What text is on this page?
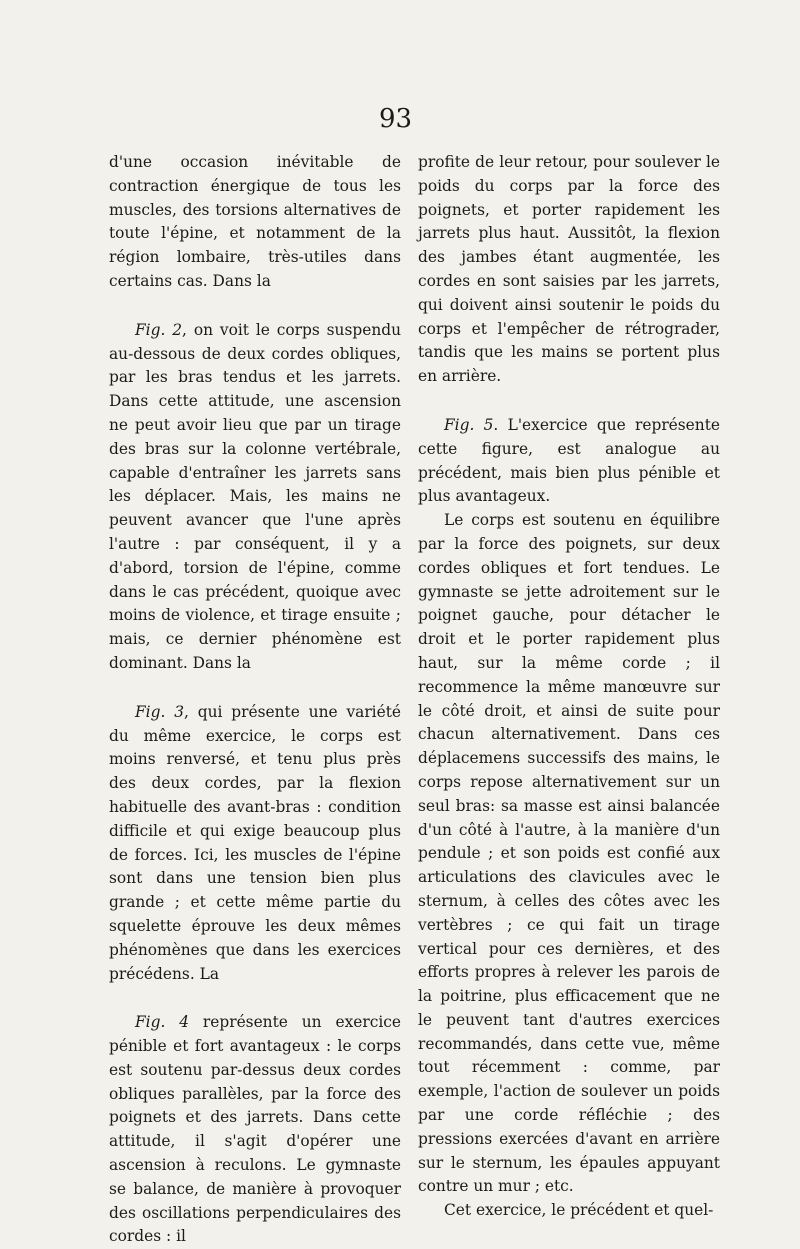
93

d'une occasion inévitable de contraction énergique de tous les muscles, des torsions alternatives de toute l'épine, et notamment de la région lombaire, très-utiles dans certains cas. Dans la

Fig. 2, on voit le corps suspendu au-dessous de deux cordes obliques, par les bras tendus et les jarrets. Dans cette attitude, une ascension ne peut avoir lieu que par un tirage des bras sur la colonne vertébrale, capable d'entraîner les jarrets sans les déplacer. Mais, les mains ne peuvent avancer que l'une après l'autre : par conséquent, il y a d'abord, torsion de l'épine, comme dans le cas précédent, quoique avec moins de violence, et tirage ensuite ; mais, ce dernier phénomène est dominant. Dans la

Fig. 3, qui présente une variété du même exercice, le corps est moins renversé, et tenu plus près des deux cordes, par la flexion habituelle des avant-bras : condition difficile et qui exige beaucoup plus de forces. Ici, les muscles de l'épine sont dans une tension bien plus grande ; et cette même partie du squelette éprouve les deux mêmes phénomènes que dans les exercices précédens. La

Fig. 4 représente un exercice pénible et fort avantageux : le corps est soutenu par-dessus deux cordes obliques parallèles, par la force des poignets et des jarrets. Dans cette attitude, il s'agit d'opérer une ascension à reculons. Le gymnaste se balance, de manière à provoquer des oscillations perpendiculaires des cordes : il

profite de leur retour, pour soulever le poids du corps par la force des poignets, et porter rapidement les jarrets plus haut. Aussitôt, la flexion des jambes étant augmentée, les cordes en sont saisies par les jarrets, qui doivent ainsi soutenir le poids du corps et l'empêcher de rétrograder, tandis que les mains se portent plus en arrière.

Fig. 5. L'exercice que représente cette figure, est analogue au précédent, mais bien plus pénible et plus avantageux.

Le corps est soutenu en équilibre par la force des poignets, sur deux cordes obliques et fort tendues. Le gymnaste se jette adroitement sur le poignet gauche, pour détacher le droit et le porter rapidement plus haut, sur la même corde ; il recommence la même manœuvre sur le côté droit, et ainsi de suite pour chacun alternativement. Dans ces déplacemens successifs des mains, le corps repose alternativement sur un seul bras: sa masse est ainsi balancée d'un côté à l'autre, à la manière d'un pendule ; et son poids est confié aux articulations des clavicules avec le sternum, à celles des côtes avec les vertèbres ; ce qui fait un tirage vertical pour ces dernières, et des efforts propres à relever les parois de la poitrine, plus efficacement que ne le peuvent tant d'autres exercices recommandés, dans cette vue, même tout récemment : comme, par exemple, l'action de soulever un poids par une corde réfléchie ; des pressions exercées d'avant en arrière sur le sternum, les épaules appuyant contre un mur ; etc.

Cet exercice, le précédent et quel-
